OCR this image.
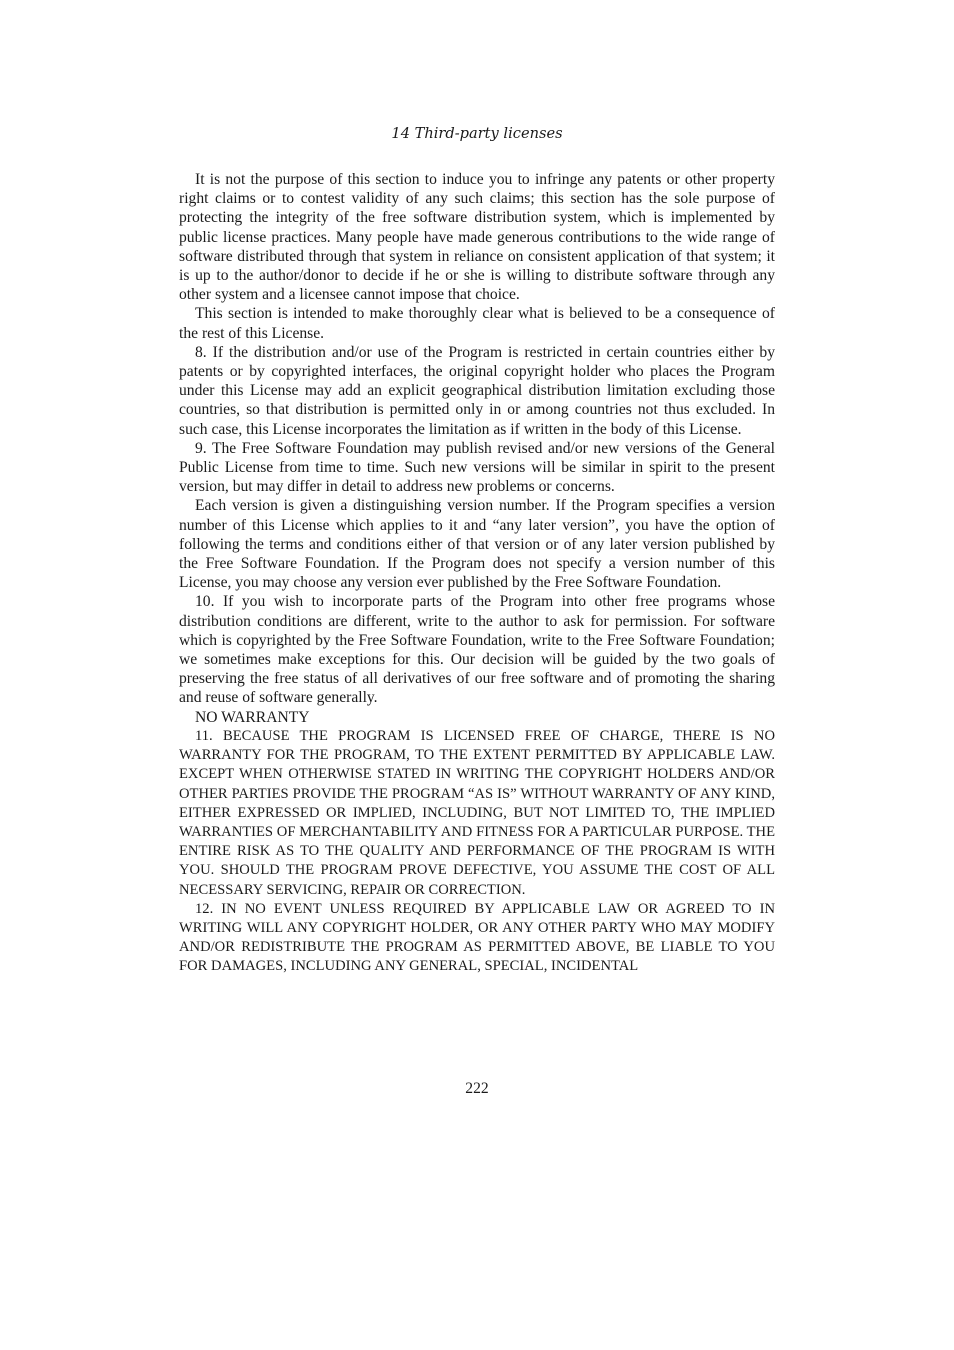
14 Third-party licenses

It is not the purpose of this section to induce you to infringe any patents or other property right claims or to contest validity of any such claims; this section has the sole purpose of protecting the integrity of the free software distribution system, which is implemented by public license practices. Many people have made generous contributions to the wide range of software distributed through that system in reliance on consistent application of that system; it is up to the author/donor to decide if he or she is willing to distribute software through any other system and a licensee cannot impose that choice.

This section is intended to make thoroughly clear what is believed to be a consequence of the rest of this License.

8. If the distribution and/or use of the Program is restricted in certain countries either by patents or by copyrighted interfaces, the original copyright holder who places the Program under this License may add an explicit geographical distribution limitation excluding those countries, so that distribution is permitted only in or among countries not thus excluded. In such case, this License incorporates the limitation as if written in the body of this License.

9. The Free Software Foundation may publish revised and/or new versions of the General Public License from time to time. Such new versions will be similar in spirit to the present version, but may differ in detail to address new problems or concerns.

Each version is given a distinguishing version number. If the Program specifies a version number of this License which applies to it and “any later version”, you have the option of following the terms and conditions either of that version or of any later version published by the Free Software Foundation. If the Program does not specify a version number of this License, you may choose any version ever published by the Free Software Foundation.

10. If you wish to incorporate parts of the Program into other free programs whose distribution conditions are different, write to the author to ask for permission. For software which is copyrighted by the Free Software Foundation, write to the Free Software Foundation; we sometimes make exceptions for this. Our decision will be guided by the two goals of preserving the free status of all derivatives of our free software and of promoting the sharing and reuse of software generally.

NO WARRANTY

11. BECAUSE THE PROGRAM IS LICENSED FREE OF CHARGE, THERE IS NO WARRANTY FOR THE PROGRAM, TO THE EXTENT PERMITTED BY APPLICABLE LAW. EXCEPT WHEN OTHERWISE STATED IN WRITING THE COPYRIGHT HOLDERS AND/OR OTHER PARTIES PROVIDE THE PROGRAM “AS IS” WITHOUT WARRANTY OF ANY KIND, EITHER EXPRESSED OR IMPLIED, INCLUDING, BUT NOT LIMITED TO, THE IMPLIED WARRANTIES OF MERCHANTABILITY AND FITNESS FOR A PARTICULAR PURPOSE. THE ENTIRE RISK AS TO THE QUALITY AND PERFORMANCE OF THE PROGRAM IS WITH YOU. SHOULD THE PROGRAM PROVE DEFECTIVE, YOU ASSUME THE COST OF ALL NECESSARY SERVICING, REPAIR OR CORRECTION.

12. IN NO EVENT UNLESS REQUIRED BY APPLICABLE LAW OR AGREED TO IN WRITING WILL ANY COPYRIGHT HOLDER, OR ANY OTHER PARTY WHO MAY MODIFY AND/OR REDISTRIBUTE THE PROGRAM AS PERMITTED ABOVE, BE LIABLE TO YOU FOR DAMAGES, INCLUDING ANY GENERAL, SPECIAL, INCIDENTAL

222
